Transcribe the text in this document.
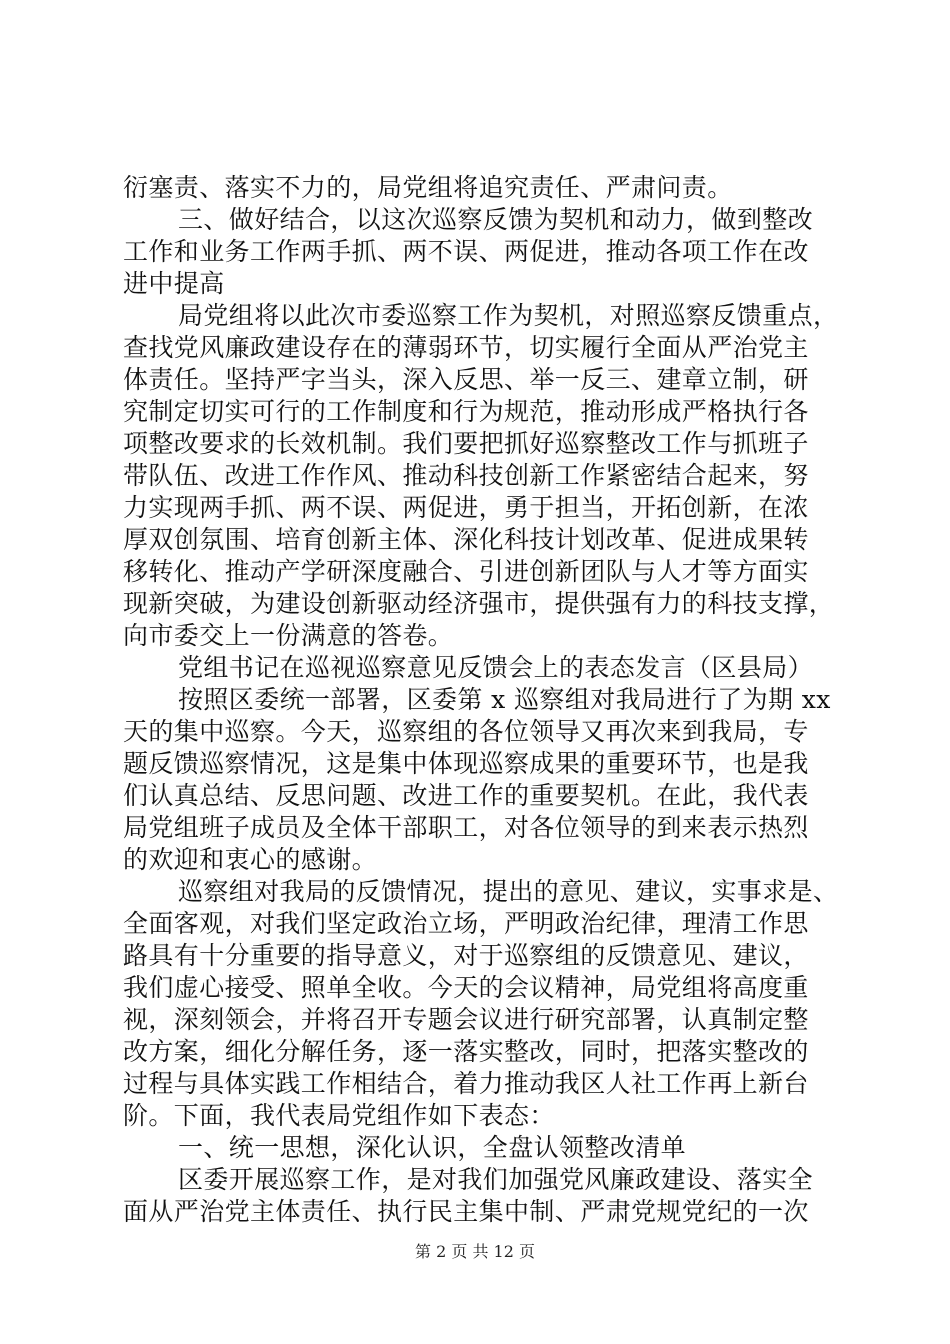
衍塞责、落实不力的，局党组将追究责任、严肃问责。
三、做好结合，以这次巡察反馈为契机和动力，做到整改
工作和业务工作两手抓、两不误、两促进，推动各项工作在改
进中提高
局党组将以此次市委巡察工作为契机，对照巡察反馈重点，
查找党风廉政建设存在的薄弱环节，切实履行全面从严治党主
体责任。坚持严字当头，深入反思、举一反三、建章立制，研
究制定切实可行的工作制度和行为规范，推动形成严格执行各
项整改要求的长效机制。我们要把抓好巡察整改工作与抓班子
带队伍、改进工作作风、推动科技创新工作紧密结合起来，努
力实现两手抓、两不误、两促进，勇于担当，开拓创新，在浓
厚双创氛围、培育创新主体、深化科技计划改革、促进成果转
移转化、推动产学研深度融合、引进创新团队与人才等方面实
现新突破，为建设创新驱动经济强市，提供强有力的科技支撑，
向市委交上一份满意的答卷。
党组书记在巡视巡察意见反馈会上的表态发言（区县局）
按照区委统一部署，区委第 x 巡察组对我局进行了为期 xx
天的集中巡察。今天，巡察组的各位领导又再次来到我局，专
题反馈巡察情况，这是集中体现巡察成果的重要环节，也是我
们认真总结、反思问题、改进工作的重要契机。在此，我代表
局党组班子成员及全体干部职工，对各位领导的到来表示热烈
的欢迎和衷心的感谢。
巡察组对我局的反馈情况，提出的意见、建议，实事求是、
全面客观，对我们坚定政治立场，严明政治纪律，理清工作思
路具有十分重要的指导意义，对于巡察组的反馈意见、建议，
我们虚心接受、照单全收。今天的会议精神，局党组将高度重
视，深刻领会，并将召开专题会议进行研究部署，认真制定整
改方案，细化分解任务，逐一落实整改，同时，把落实整改的
过程与具体实践工作相结合，着力推动我区人社工作再上新台
阶。下面，我代表局党组作如下表态：
一、统一思想，深化认识，全盘认领整改清单
区委开展巡察工作，是对我们加强党风廉政建设、落实全
面从严治党主体责任、执行民主集中制、严肃党规党纪的一次
第 2 页 共 12 页
